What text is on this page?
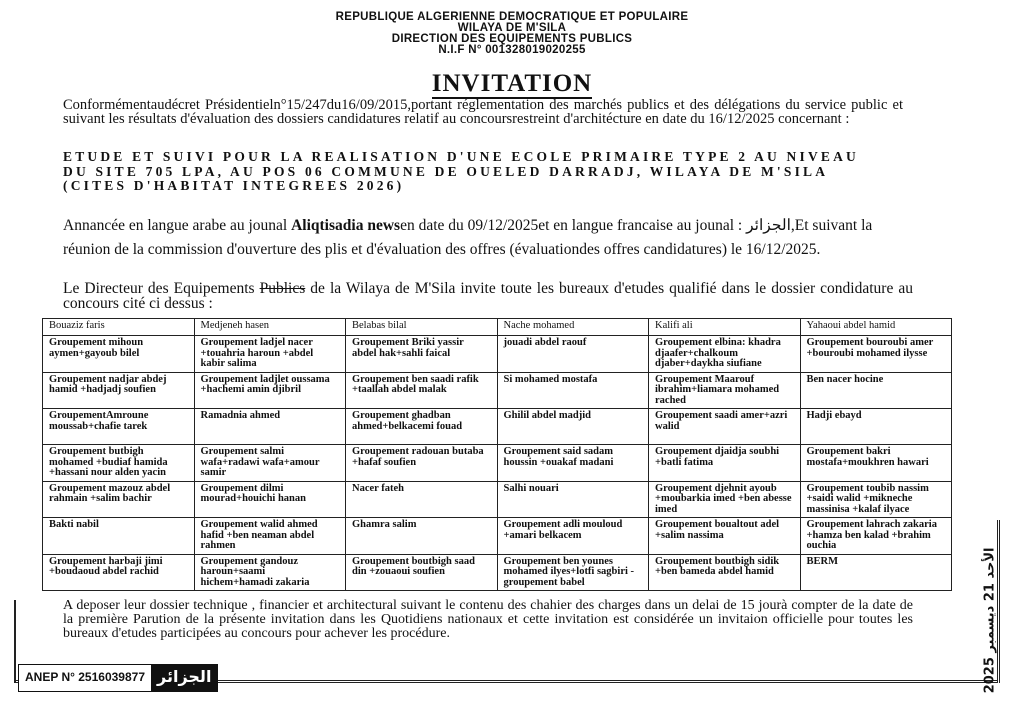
REPUBLIQUE ALGERIENNE DEMOCRATIQUE ET POPULAIRE
WILAYA DE M'SILA
DIRECTION DES EQUIPEMENTS PUBLICS
N.I.F N° 001328019020255
INVITATION
Conformémentaudécret Présidentieln°15/247du16/09/2015,portant réglementation des marchés publics et des délégations du service public et suivant les résultats d'évaluation des dossiers candidatures relatif au concoursrestreint d'architécture en date du 16/12/2025 concernant :
ETUDE ET SUIVI POUR LA REALISATION D'UNE ECOLE PRIMAIRE TYPE 2 AU NIVEAU DU SITE 705 LPA, AU POS 06 COMMUNE DE OUELED DARRADJ, WILAYA DE M'SILA (CITES D'HABITAT INTEGREES 2026)
Annancée en langue arabe au jounal Aliqtisadia newsen date du 09/12/2025et en langue francaise au jounal : الجزائر,Et suivant la réunion de la commission d'ouverture des plis et d'évaluation des offres (évaluationdes offres candidatures) le 16/12/2025.
Le Directeur des Equipements Publics de la Wilaya de M'Sila invite toute les bureaux d'etudes qualifié dans le dossier condidature au concours cité ci dessus :
Bouaziz faris	Medjeneh hasen	Belabas bilal	Nache mohamed	Kalifi ali	Yahaoui abdel hamid
Groupement mihoun aymen+gayoub bilel	Groupement ladjel nacer +touahria haroun +abdel kabir salima	Groupement Briki yassir abdel hak+sahli faical	jouadi abdel raouf	Groupement elbina: khadra djaafer+chalkoum djaber+daykha siufiane	Groupement bouroubi amer +bouroubi mohamed ilysse
Groupement nadjar abdej hamid +hadjadj soufien	Groupement ladjlet oussama +hachemi amin djibril	Groupement ben saadi rafik +taallah abdel malak	Si mohamed mostafa	Groupement Maarouf ibrahim+liamara mohamed rached	Ben nacer hocine
GroupementAmroune moussab+chafie tarek	Ramadnia ahmed	Groupement ghadban ahmed+belkacemi fouad	Ghilil abdel madjid	Groupement saadi amer+azri walid	Hadji ebayd
Groupement butbigh mohamed +budiaf hamida +hassani nour alden yacin	Groupement salmi wafa+radawi wafa+amour samir	Groupement radouan butaba +hafaf soufien	Groupement said sadam houssin +ouakaf madani	Groupement djaidja soubhi +batli fatima	Groupement bakri mostafa+moukhren hawari
Groupement mazouz abdel rahmain +salim bachir	Groupement dilmi mourad+houichi hanan	Nacer fateh	Salhi nouari	Groupement djehnit ayoub +moubarkia imed +ben abesse imed	Groupement toubib nassim +saidi walid +mikneche massinisa +kalaf ilyace
Bakti nabil	Groupement walid ahmed hafid +ben neaman abdel rahmen	Ghamra salim	Groupement adli mouloud +amari belkacem	Groupement boualtout adel +salim nassima	Groupement lahrach zakaria +hamza ben kalad +brahim ouchia
Groupement harbaji jimi +boudaoud abdel rachid	Groupement gandouz haroun+saami hichem+hamadi zakaria	Groupement boutbigh saad din +zouaoui soufien	Groupement ben younes mohamed ilyes+lotfi sagbiri - groupement babel	Groupement boutbigh sidik +ben bameda abdel hamid	BERM
A deposer leur dossier technique , financier et architectural suivant le contenu des chahier des charges dans un delai de 15 jourà compter de la date de la première Parution de la présente invitation dans les Quotidiens nationaux et cette invitation est considérée un invitaion officielle pour toutes les bureaux d'etudes participées au concours pour achever les procédure.
ANEP N° 2516039877 الجزائر	الأحد 21 ديسمبر 2025
